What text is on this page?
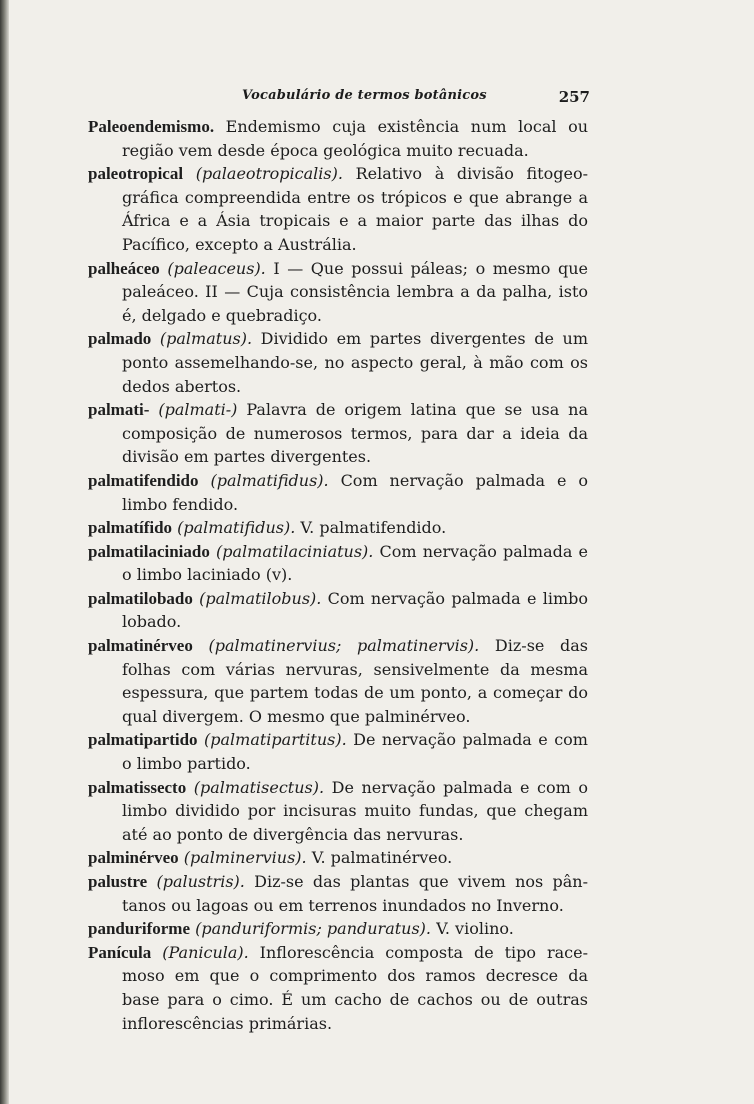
Vocabulário de termos botânicos	257

Paleoendemismo. Endemismo cuja existência num local ou região vem desde época geológica muito recuada.

paleotropical (palaeotropicalis). Relativo à divisão fitogeográfica compreendida entre os trópicos e que abrange a África e a Ásia tropicais e a maior parte das ilhas do Pacífico, excepto a Austrália.

palheáceo (paleaceus). I — Que possui páleas; o mesmo que paleáceo. II — Cuja consistência lembra a da palha, isto é, delgado e quebradiço.

palmado (palmatus). Dividido em partes divergentes de um ponto assemelhando-se, no aspecto geral, à mão com os dedos abertos.

palmati- (palmati-) Palavra de origem latina que se usa na composição de numerosos termos, para dar a ideia da divisão em partes divergentes.

palmatifendido (palmatifidus). Com nervação palmada e o limbo fendido.

palmatífido (palmatifidus). V. palmatifendido.

palmatilaciniado (palmatilaciniatus). Com nervação palmada e o limbo laciniado (v).

palmatilobado (palmatilobus). Com nervação palmada e limbo lobado.

palmatinérveo (palmatinervius; palmatinervis). Diz-se das folhas com várias nervuras, sensivelmente da mesma espessura, que partem todas de um ponto, a começar do qual divergem. O mesmo que palminérveo.

palmatipartido (palmatipartitus). De nervação palmada e com o limbo partido.

palmatissecto (palmatisectus). De nervação palmada e com o limbo dividido por incisuras muito fundas, que chegam até ao ponto de divergência das nervuras.

palminérveo (palminervius). V. palmatinérveo.

palustre (palustris). Diz-se das plantas que vivem nos pântanos ou lagoas ou em terrenos inundados no Inverno.

panduriforme (panduriformis; panduratus). V. violino.

Panícula (Panicula). Inflorescência composta de tipo racemoso em que o comprimento dos ramos decresce da base para o cimo. É um cacho de cachos ou de outras inflorescências primárias.
